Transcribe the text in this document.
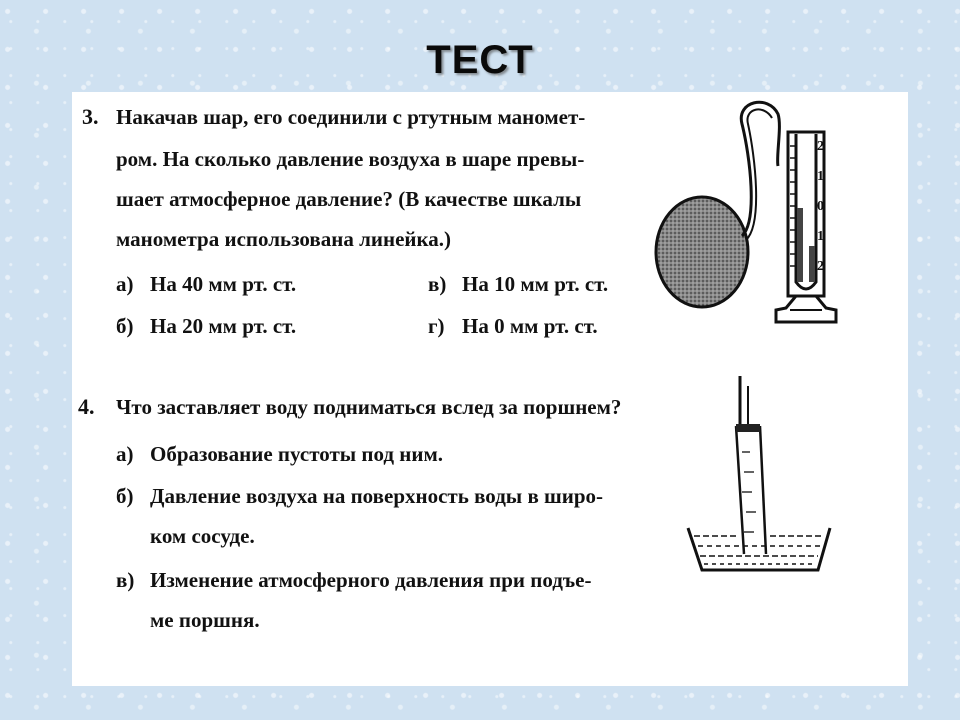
ТЕСТ
3. Накачав шар, его соединили с ртутным маномет-
ром. На сколько давление воздуха в шаре превы-
шает атмосферное давление? (В качестве шкалы
манометра использована линейка.)
а) На 40 мм рт. ст.	в) На 10 мм рт. ст.
б) На 20 мм рт. ст.	г) На 0 мм рт. ст.
2
1
0
1
2
4. Что заставляет воду подниматься вслед за поршнем?
а) Образование пустоты под ним.
б) Давление воздуха на поверхность воды в широ-
ком сосуде.
в) Изменение атмосферного давления при подъе-
ме поршня.
